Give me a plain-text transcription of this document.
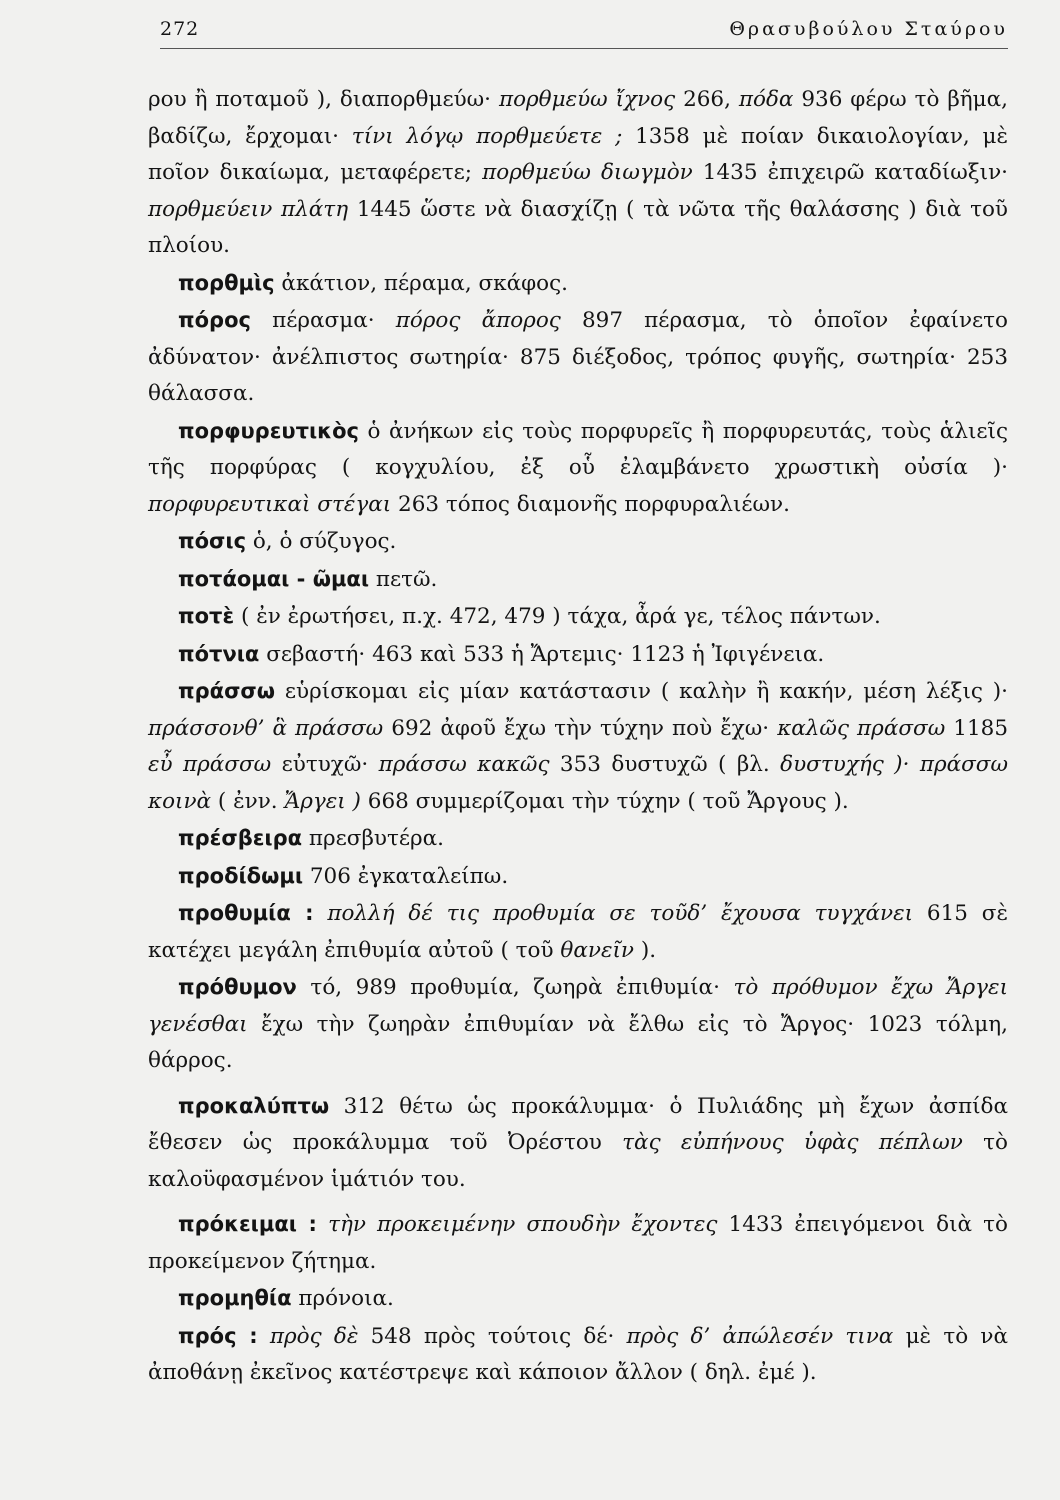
272	Θρασυβούλου Σταύρου

ρου ἢ ποταμοῦ ), διαπορθμεύω· πορθμεύω ἴχνος 266, πόδα 936 φέρω τὸ βῆμα, βαδίζω, ἔρχομαι· τίνι λόγῳ πορθμεύετε ; 1358 μὲ ποίαν δικαιολογίαν, μὲ ποῖον δικαίωμα, μεταφέρετε; πορθμεύω διωγμὸν 1435 ἐπιχειρῶ καταδίωξιν· πορθμεύειν πλάτη 1445 ὥστε νὰ διασχίζῃ ( τὰ νῶτα τῆς θαλάσσης ) διὰ τοῦ πλοίου.

πορθμὶς ἀκάτιον, πέραμα, σκάφος.

πόρος πέρασμα· πόρος ἄπορος 897 πέρασμα, τὸ ὁποῖον ἐφαίνετο ἀδύνατον· ἀνέλπιστος σωτηρία· 875 διέξοδος, τρόπος φυγῆς, σωτηρία· 253 θάλασσα.

πορφυρευτικὸς ὁ ἀνήκων εἰς τοὺς πορφυρεῖς ἢ πορφυρευτάς, τοὺς ἁλιεῖς τῆς πορφύρας ( κογχυλίου, ἐξ οὗ ἐλαμβάνετο χρωστικὴ οὐσία )· πορφυρευτικαὶ στέγαι 263 τόπος διαμονῆς πορφυραλιέων.

πόσις ὁ, ὁ σύζυγος.

ποτάομαι - ῶμαι πετῶ.

ποτὲ ( ἐν ἐρωτήσει, π.χ. 472, 479 ) τάχα, ἆρά γε, τέλος πάντων.

πότνια σεβαστή· 463 καὶ 533 ἡ Ἄρτεμις· 1123 ἡ Ἰφιγένεια.

πράσσω εὑρίσκομαι εἰς μίαν κατάστασιν ( καλὴν ἢ κακήν, μέση λέξις )· πράσσονθ’ ἃ πράσσω 692 ἀφοῦ ἔχω τὴν τύχην ποὺ ἔχω· καλῶς πράσσω 1185 εὖ πράσσω εὐτυχῶ· πράσσω κακῶς 353 δυστυχῶ ( βλ. δυστυχής )· πράσσω κοινὰ ( ἐνν. Ἄργει ) 668 συμμερίζομαι τὴν τύχην ( τοῦ Ἄργους ).

πρέσβειρα πρεσβυτέρα.

προδίδωμι 706 ἐγκαταλείπω.

προθυμία : πολλή δέ τις προθυμία σε τοῦδ’ ἔχουσα τυγχάνει 615 σὲ κατέχει μεγάλη ἐπιθυμία αὐτοῦ ( τοῦ θανεῖν ).

πρόθυμον τό, 989 προθυμία, ζωηρὰ ἐπιθυμία· τὸ πρόθυμον ἔχω Ἄργει γενέσθαι ἔχω τὴν ζωηρὰν ἐπιθυμίαν νὰ ἔλθω εἰς τὸ Ἄργος· 1023 τόλμη, θάρρος.

προκαλύπτω 312 θέτω ὡς προκάλυμμα· ὁ Πυλιάδης μὴ ἔχων ἀσπίδα ἔθεσεν ὡς προκάλυμμα τοῦ Ὀρέστου τὰς εὐπήνους ὑφὰς πέπλων τὸ καλοϋφασμένον ἱμάτιόν του.

πρόκειμαι : τὴν προκειμένην σπουδὴν ἔχοντες 1433 ἐπειγόμενοι διὰ τὸ προκείμενον ζήτημα.

προμηθία πρόνοια.

πρός : πρὸς δὲ 548 πρὸς τούτοις δέ· πρὸς δ’ ἀπώλεσέν τινα μὲ τὸ νὰ ἀποθάνῃ ἐκεῖνος κατέστρεψε καὶ κάποιον ἄλλον ( δηλ. ἐμέ ).
